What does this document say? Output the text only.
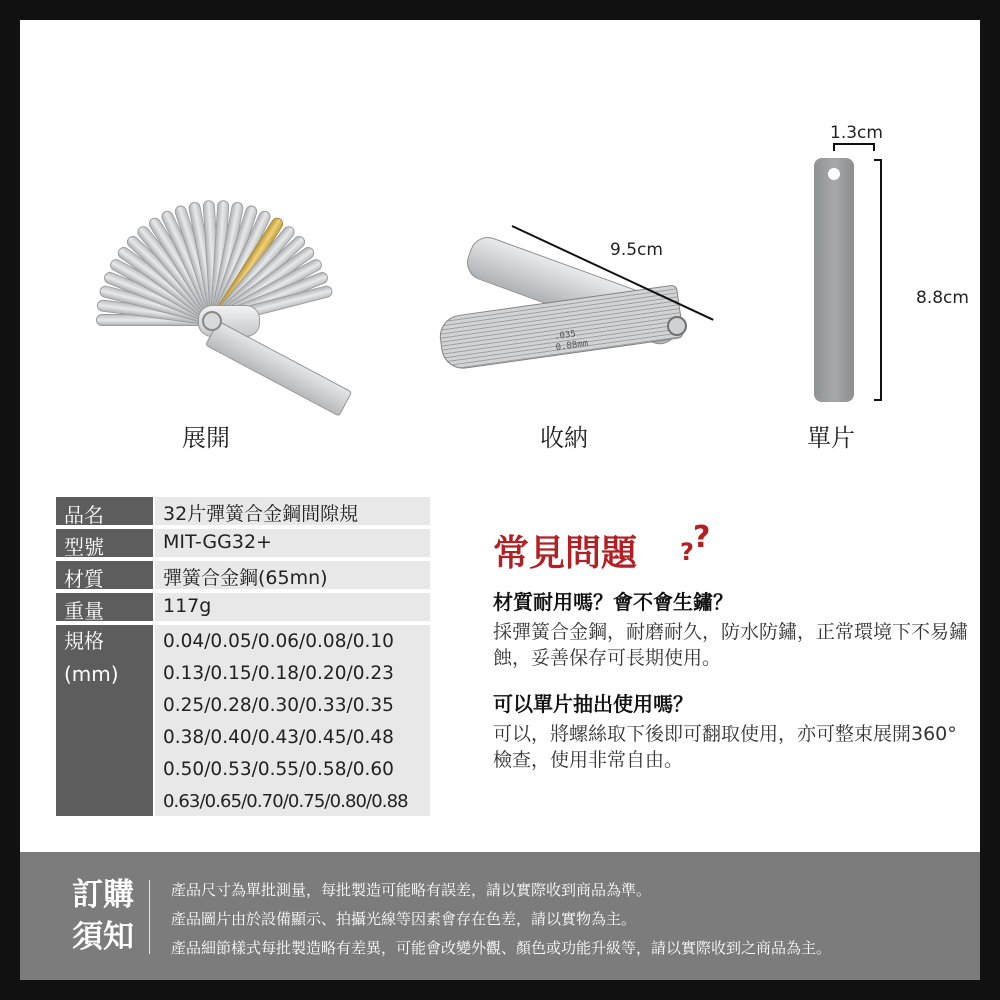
.035
0.88mm
9.5cm
1.3cm
8.8cm
展開	收納	單片
常見問題 ?
?
材質耐用嗎？會不會生鏽？
採彈簧合金鋼，耐磨耐久，防水防鏽，正常環境下不易鏽蝕，妥善保存可長期使用。
可以單片抽出使用嗎？
可以，將螺絲取下後即可翻取使用，亦可整束展開360°檢查，使用非常自由。
品名	32片彈簧合金鋼間隙規
型號	MIT-GG32+
材質	彈簧合金鋼(65mn)
重量	117g
規格
(mm)
0.04/0.05/0.06/0.08/0.10
0.13/0.15/0.18/0.20/0.23
0.25/0.28/0.30/0.33/0.35
0.38/0.40/0.43/0.45/0.48
0.50/0.53/0.55/0.58/0.60
0.63/0.65/0.70/0.75/0.80/0.88
訂購須知
產品尺寸為單批測量，每批製造可能略有誤差，請以實際收到商品為準。
產品圖片由於設備顯示、拍攝光線等因素會存在色差，請以實物為主。
產品細節樣式每批製造略有差異，可能會改變外觀、顏色或功能升級等，請以實際收到之商品為主。
